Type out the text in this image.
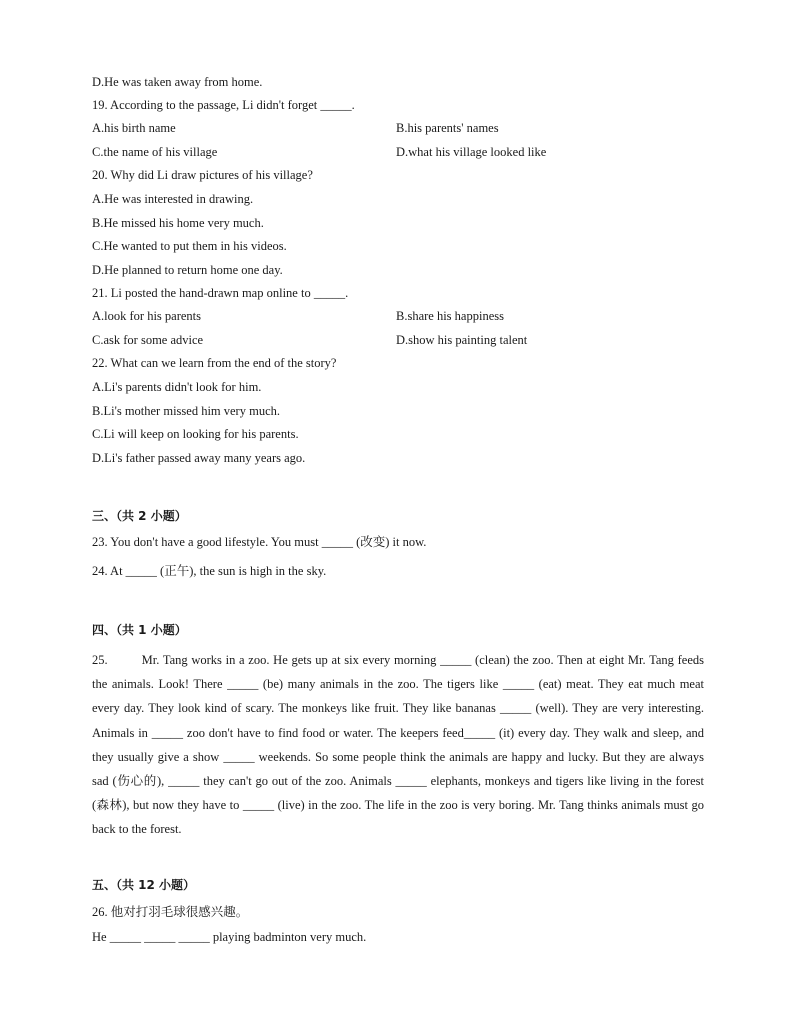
D.He was taken away from home.
19. According to the passage, Li didn't forget _____.
A.his birth name	B.his parents' names
C.the name of his village	D.what his village looked like
20. Why did Li draw pictures of his village?
A.He was interested in drawing.
B.He missed his home very much.
C.He wanted to put them in his videos.
D.He planned to return home one day.
21. Li posted the hand-drawn map online to _____.
A.look for his parents	B.share his happiness
C.ask for some advice	D.show his painting talent
22. What can we learn from the end of the story?
A.Li's parents didn't look for him.
B.Li's mother missed him very much.
C.Li will keep on looking for his parents.
D.Li's father passed away many years ago.
三、（共 2 小题）
23. You don't have a good lifestyle. You must _____ (改变) it now.
24. At _____ (正午), the sun is high in the sky.
四、（共 1 小题）
25.	Mr. Tang works in a zoo. He gets up at six every morning _____ (clean) the zoo. Then at eight Mr. Tang feeds the animals. Look! There _____ (be) many animals in the zoo. The tigers like _____ (eat) meat. They eat much meat every day. They look kind of scary. The monkeys like fruit. They like bananas _____ (well). They are very interesting. Animals in _____ zoo don't have to find food or water. The keepers feed_____ (it) every day. They walk and sleep, and they usually give a show _____ weekends. So some people think the animals are happy and lucky. But they are always sad (伤心的), _____ they can't go out of the zoo. Animals _____ elephants, monkeys and tigers like living in the forest (森林), but now they have to _____ (live) in the zoo. The life in the zoo is very boring. Mr. Tang thinks animals must go back to the forest.
五、（共 12 小题）
26. 他对打羽毛球很感兴趣。
He _____ _____ _____ playing badminton very much.
